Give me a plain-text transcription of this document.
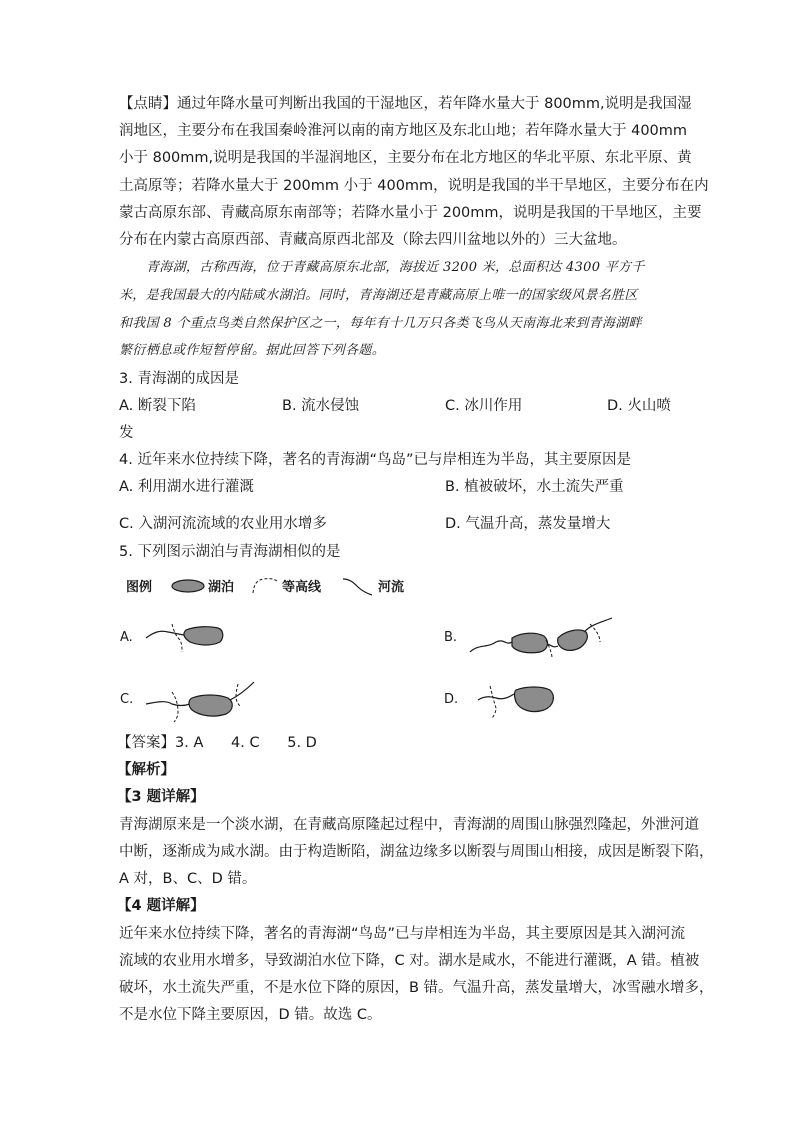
【点睛】通过年降水量可判断出我国的干湿地区，若年降水量大于 800mm,说明是我国湿
润地区，主要分布在我国秦岭淮河以南的南方地区及东北山地；若年降水量大于 400mm
小于 800mm,说明是我国的半湿润地区，主要分布在北方地区的华北平原、东北平原、黄
土高原等；若降水量大于 200mm 小于 400mm，说明是我国的半干旱地区，主要分布在内
蒙古高原东部、青藏高原东南部等；若降水量小于 200mm，说明是我国的干旱地区，主要
分布在内蒙古高原西部、青藏高原西北部及（除去四川盆地以外的）三大盆地。
青海湖，古称西海，位于青藏高原东北部，海拔近 3200 米，总面积达 4300 平方千
米，是我国最大的内陆咸水湖泊。同时，青海湖还是青藏高原上唯一的国家级风景名胜区
和我国 8 个重点鸟类自然保护区之一，每年有十几万只各类飞鸟从天南海北来到青海湖畔
繁衍栖息或作短暂停留。据此回答下列各题。
3. 青海湖的成因是
A. 断裂下陷	B. 流水侵蚀	C. 冰川作用	D. 火山喷
发
4. 近年来水位持续下降，著名的青海湖“鸟岛”已与岸相连为半岛，其主要原因是
A. 利用湖水进行灌溉	B. 植被破坏，水土流失严重
C. 入湖河流流域的农业用水增多	D. 气温升高，蒸发量增大
5. 下列图示湖泊与青海湖相似的是
图例	湖泊	等高线	河流
A.	B.
C.	D.
【答案】3. A      4. C      5. D
【解析】
【3 题详解】
青海湖原来是一个淡水湖，在青藏高原隆起过程中，青海湖的周围山脉强烈隆起，外泄河道
中断，逐渐成为咸水湖。由于构造断陷，湖盆边缘多以断裂与周围山相接，成因是断裂下陷，
A 对，B、C、D 错。
【4 题详解】
近年来水位持续下降，著名的青海湖“鸟岛”已与岸相连为半岛，其主要原因是其入湖河流
流域的农业用水增多，导致湖泊水位下降，C 对。湖水是咸水，不能进行灌溉，A 错。植被
破坏，水土流失严重，不是水位下降的原因，B 错。气温升高，蒸发量增大，冰雪融水增多，
不是水位下降主要原因，D 错。故选 C。
